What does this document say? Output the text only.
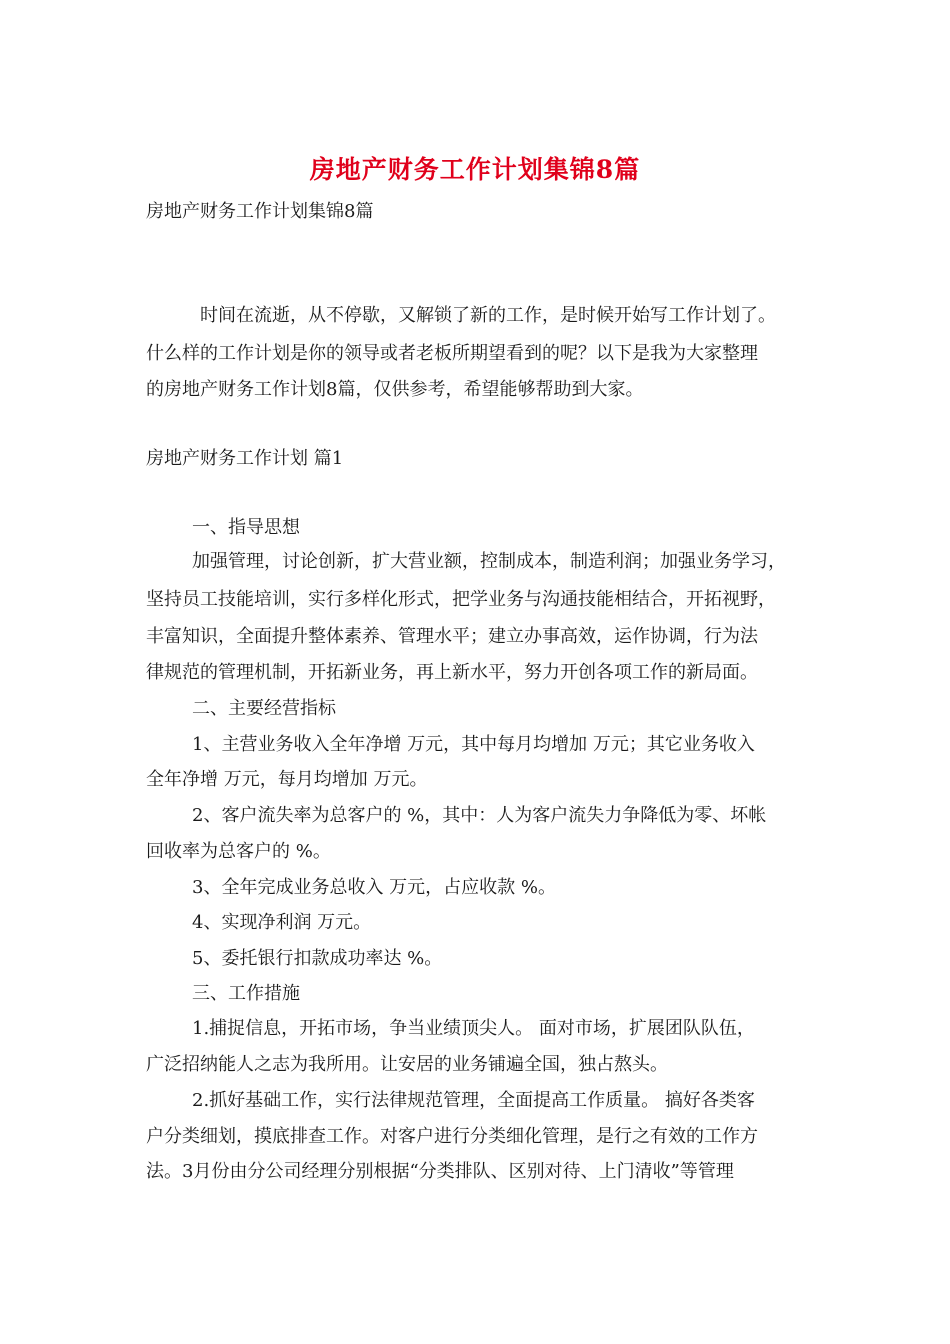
房地产财务工作计划集锦8篇
房地产财务工作计划集锦8篇
时间在流逝，从不停歇，又解锁了新的工作，是时候开始写工作计划了。
什么样的工作计划是你的领导或者老板所期望看到的呢？以下是我为大家整理
的房地产财务工作计划8篇，仅供参考，希望能够帮助到大家。
房地产财务工作计划 篇1
一、指导思想
加强管理，讨论创新，扩大营业额，控制成本，制造利润；加强业务学习，
坚持员工技能培训，实行多样化形式，把学业务与沟通技能相结合，开拓视野，
丰富知识，全面提升整体素养、管理水平；建立办事高效，运作协调，行为法
律规范的管理机制，开拓新业务，再上新水平，努力开创各项工作的新局面。
二、主要经营指标
1、主营业务收入全年净增 万元，其中每月均增加 万元；其它业务收入
全年净增 万元，每月均增加 万元。
2、客户流失率为总客户的 %，其中：人为客户流失力争降低为零、坏帐
回收率为总客户的 %。
3、全年完成业务总收入 万元，占应收款 %。
4、实现净利润 万元。
5、委托银行扣款成功率达 %。
三、工作措施
1.捕捉信息，开拓市场，争当业绩顶尖人。 面对市场，扩展团队队伍，
广泛招纳能人之志为我所用。让安居的业务铺遍全国，独占熬头。
2.抓好基础工作，实行法律规范管理，全面提高工作质量。 搞好各类客
户分类细划，摸底排查工作。对客户进行分类细化管理，是行之有效的工作方
法。3月份由分公司经理分别根据“分类排队、区别对待、上门清收”等管理
